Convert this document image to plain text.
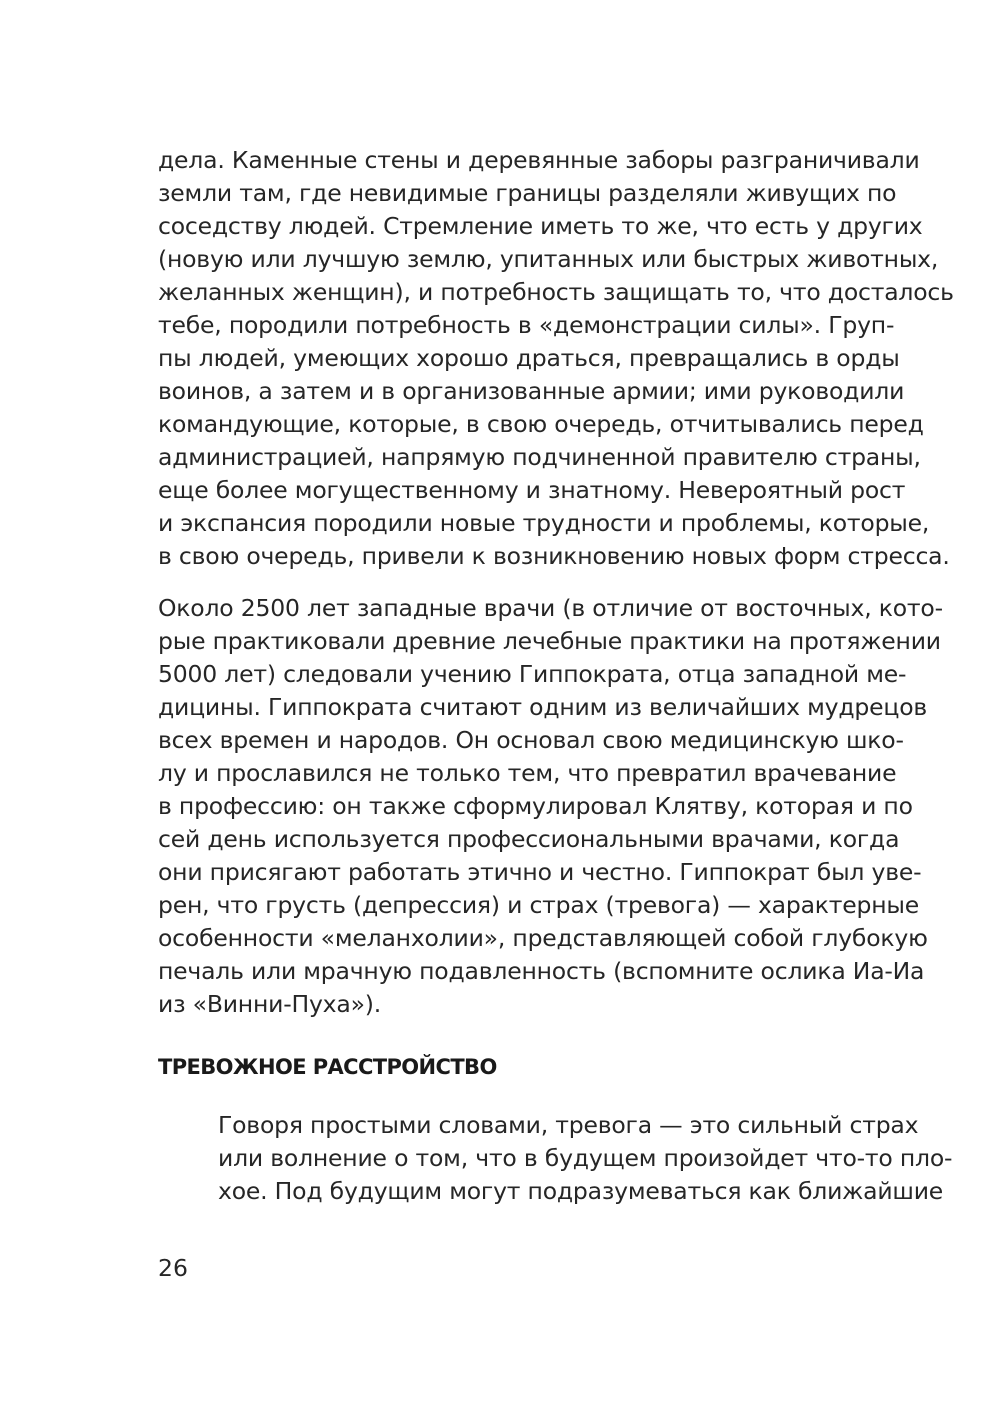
дела. Каменные стены и деревянные заборы разграничивали
земли там, где невидимые границы разделяли живущих по
соседству людей. Стремление иметь то же, что есть у других
(новую или лучшую землю, упитанных или быстрых животных,
желанных женщин), и потребность защищать то, что досталось
тебе, породили потребность в «демонстрации силы». Груп-
пы людей, умеющих хорошо драться, превращались в орды
воинов, а затем и в организованные армии; ими руководили
командующие, которые, в свою очередь, отчитывались перед
администрацией, напрямую подчиненной правителю страны,
еще более могущественному и знатному. Невероятный рост
и экспансия породили новые трудности и проблемы, которые,
в свою очередь, привели к возникновению новых форм стресса.
Около 2500 лет западные врачи (в отличие от восточных, кото-
рые практиковали древние лечебные практики на протяжении
5000 лет) следовали учению Гиппократа, отца западной ме-
дицины. Гиппократа считают одним из величайших мудрецов
всех времен и народов. Он основал свою медицинскую шко-
лу и прославился не только тем, что превратил врачевание
в профессию: он также сформулировал Клятву, которая и по
сей день используется профессиональными врачами, когда
они присягают работать этично и честно. Гиппократ был уве-
рен, что грусть (депрессия) и страх (тревога) — характерные
особенности «меланхолии», представляющей собой глубокую
печаль или мрачную подавленность (вспомните ослика Иа-Иа
из «Винни-Пуха»).
ТРЕВОЖНОЕ РАССТРОЙСТВО
Говоря простыми словами, тревога — это сильный страх
или волнение о том, что в будущем произойдет что-то пло-
хое. Под будущим могут подразумеваться как ближайшие
26
